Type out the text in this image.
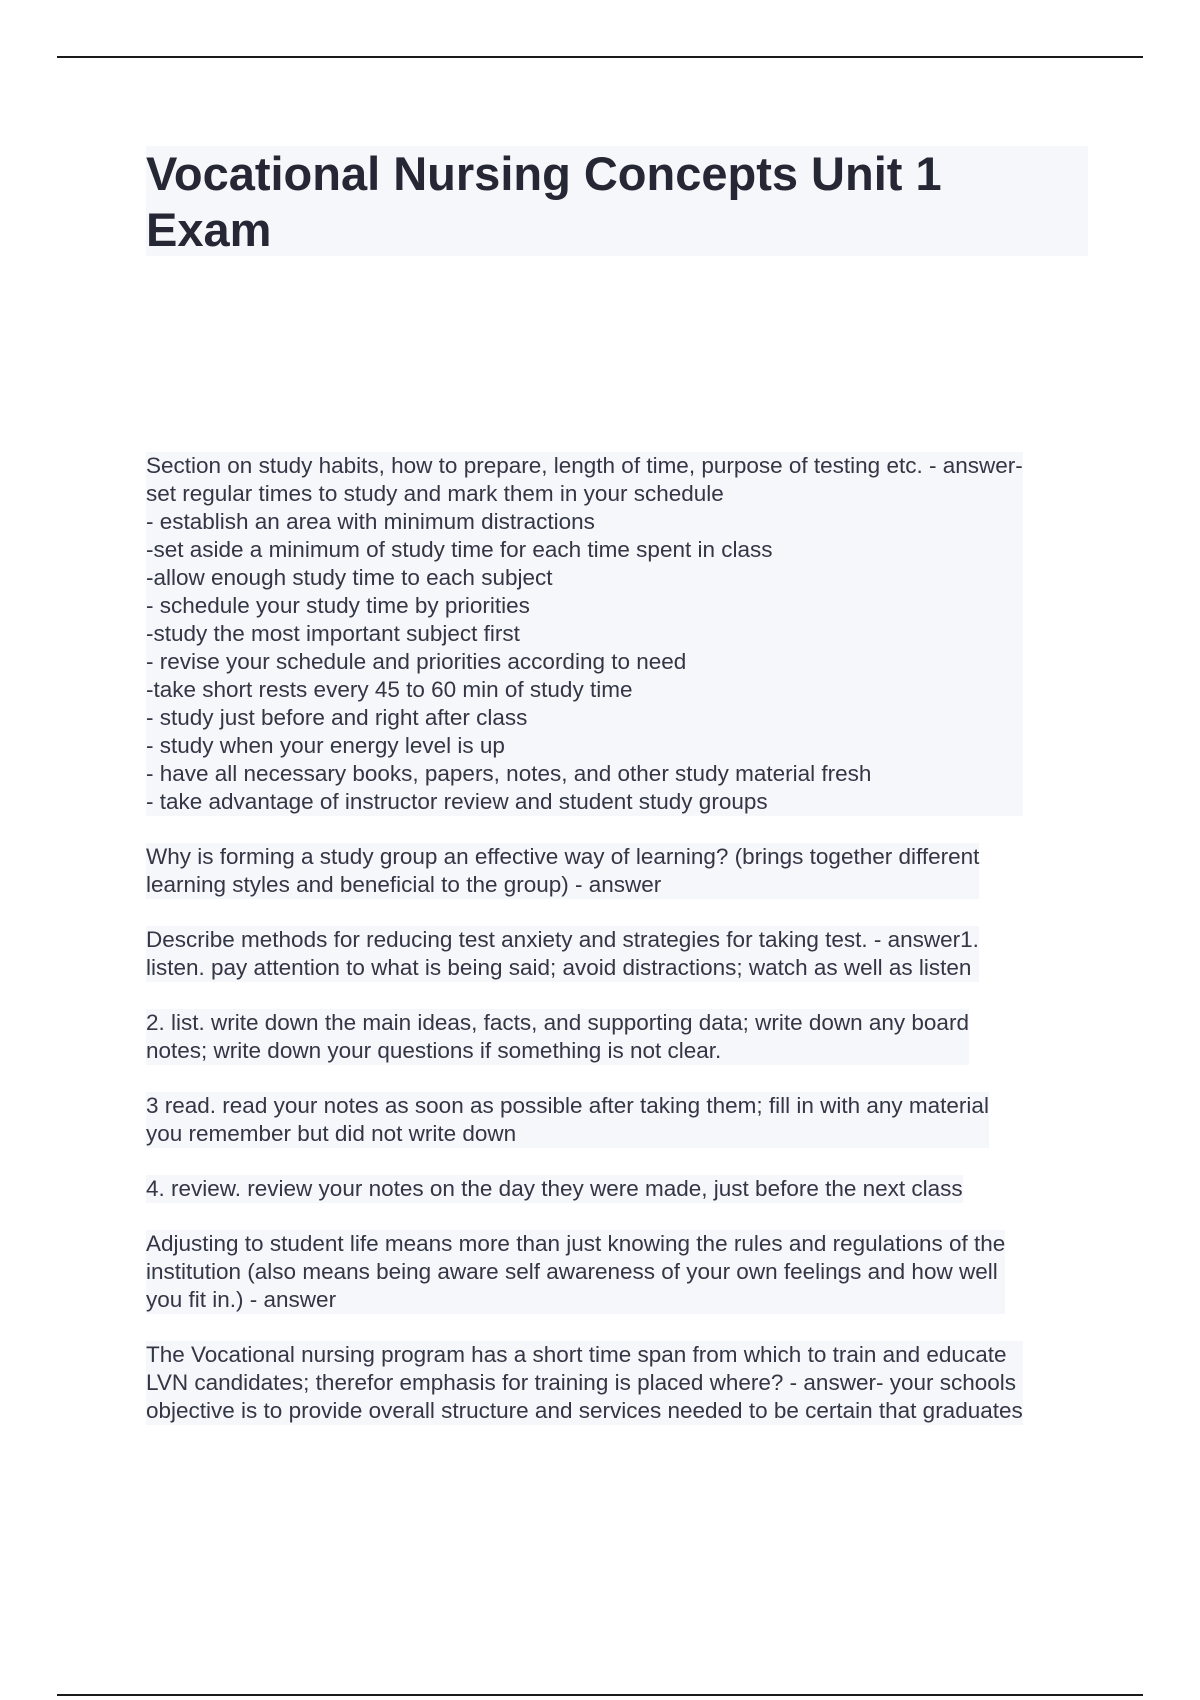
Vocational Nursing Concepts Unit 1
Exam
Section on study habits, how to prepare, length of time, purpose of testing etc. - answer-
set regular times to study and mark them in your schedule
- establish an area with minimum distractions
-set aside a minimum of study time for each time spent in class
-allow enough study time to each subject
- schedule your study time by priorities
-study the most important subject first
- revise your schedule and priorities according to need
-take short rests every 45 to 60 min of study time
- study just before and right after class
- study when your energy level is up
- have all necessary books, papers, notes, and other study material fresh
- take advantage of instructor review and student study groups

Why is forming a study group an effective way of learning? (brings together different
learning styles and beneficial to the group) - answer

Describe methods for reducing test anxiety and strategies for taking test. - answer1.
listen. pay attention to what is being said; avoid distractions; watch as well as listen

2. list. write down the main ideas, facts, and supporting data; write down any board
notes; write down your questions if something is not clear.

3 read. read your notes as soon as possible after taking them; fill in with any material
you remember but did not write down

4. review. review your notes on the day they were made, just before the next class

Adjusting to student life means more than just knowing the rules and regulations of the
institution (also means being aware self awareness of your own feelings and how well
you fit in.) - answer

The Vocational nursing program has a short time span from which to train and educate
LVN candidates; therefor emphasis for training is placed where? - answer- your schools
objective is to provide overall structure and services needed to be certain that graduates
